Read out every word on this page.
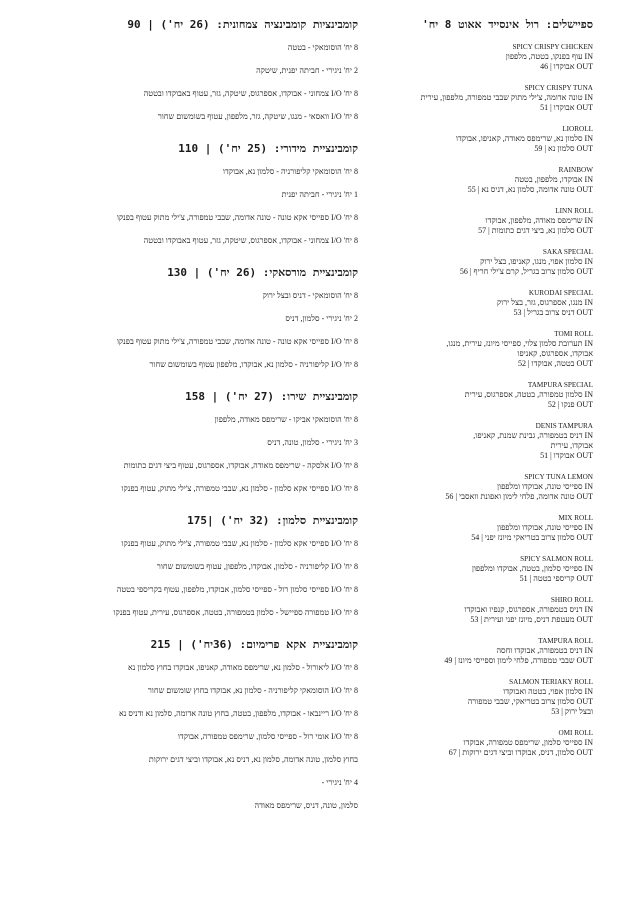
ספיישלים: רול אינסייד אאוט 8 יח'
SPICY CRISPY CHICKEN
IN עוף בפנקו, בטטה, מלפפון
OUT אבוקדו | 46
SPICY CRISPY TUNA
IN טונה אדומה, צ'ילי מתוק שבבי טמפורה, מלפפון, עירית
OUT אבוקדו | 51
LIOROLL
IN סלמון נא, שרימפס מאודה, קאניפו, אבוקדו
OUT סלמון נא | 59
RAINBOW
IN אבוקדו, מלפפון, בטטה
OUT טונה אדומה, סלמון נא, דניס נא | 55
LINN ROLL
IN שרימפס מאודה, מלפפון, אבוקדו
OUT סלמון נא, ביצי דגים כתומות | 57
SAKA SPECIAL
IN סלמון אפוי, מנגו, קאניפו, בצל ירוק
OUT סלמון צרוב בגריל, קרם צ'ילי חריף | 56
KURODAI SPECIAL
IN מנגו, אספרגוס, גזר, בצל ירוק
OUT דניס צרוב בגריל | 53
TOMI ROLL
IN תערובת סלמון צלוי, ספייסי מיונז, עירית, מנגו,
אבוקדו, אספרגוס, קאניפו
OUT בטטה, אבוקדו | 52
TAMPURA SPECIAL
IN סלמון טמפורה, בטטה, אספרגוס, עירית
OUT פנקו | 52
DENIS TAMPURA
IN דניס בטמפורה, גבינת שמנת, קאניפו,
אבוקדו, עירית
OUT אבוקדו | 51
SPICY TUNA LEMON
IN ספייסי טונה, אבוקדו ומלפפון
OUT טונה אדומה, פלחי לימון ואפונת וואסבי | 56
MIX ROLL
IN ספייסי טונה, אבוקדו ומלפפון
OUT סלמון צרוב בטריאקי מיונז יפני | 54
SPICY SALMON ROLL
IN ספייסי סלמון, בטטה, אבוקדו ומלפפון
OUT קריספי בטטה | 51
SHIRO ROLL
IN דניס בטמפורה, אספרגוס, קנפיו ואבוקדו
OUT מעטפת דניס, מיונז יפני ועירית | 53
TAMPURA ROLL
IN דניס בטמפורה, אבוקדו וחסה
OUT שבבי טמפורה, פלחי לימון וספייסי מיונז | 49
SALMON TERIAKY ROLL
IN סלמון אפוי, בטטה ואבוקדו
OUT סלמון צרוב בטריאקי, שבבי טמפורה
ובצל ירוק | 53
OMI ROLL
IN ספייסי סלמון, שרימפס טמפורה, אבוקדו
OUT סלמון, דניס, אבוקדו וביצי דגים ירוקות | 67
קומבינציות קומבינציה צמחונית: (26 יח') | 90
8 יח' הוסומאקי - בטטה
2 יח' ניגירי - חביתה יפנית, שיטקה
8 יח' I/O צמחוני - אבוקדו, אספרגוס, שיטקה, גזר, עטוף באבוקדו ובטטה
8 יח' I/O וואסאי - מנגו, שיטקה, גזר, מלפפון, עטוף בשומשום שחור
קומבינציית מידורי: (25 יח') | 110
8 יח' הוסומאקי קליפורניה - סלמון נא, אבוקדו
1 יח' ניגירי - חביתה יפנית
8 יח' I/O ספייסי אקא טונה - טונה אדומה, שבבי טמפורה, צ'ילי מתוק עטוף בפנקו
8 יח' I/O צמחוני - אבוקדו, אספרגוס, שיטקה, גזר, עטוף באבוקדו ובטטה
קומבינציית מורסאקי: (26 יח') | 130
8 יח' הוסומאקי - דניס ובצל ירוק
2 יח' ניגירי - סלמון, דניס
8 יח' I/O ספייסי אקא טונה - טונה אדומה, שבבי טמפורה, צ'ילי מתוק עטוף בפנקו
8 יח' I/O קליפורניה - סלמון נא, אבוקדו, מלפפון עטוף בשומשום שחור
קומבינציית שירו: (27 יח') | 158
8 יח' הוסומאקי אביקו - שרימפס מאודה, מלפפון
3 יח' ניגירי - סלמון, טונה, דניס
8 יח' I/O אלסקה - שרימפס מאודה, אבוקדו, אספרגוס, עטוף ביצי דגים כתומות
8 יח' I/O ספייסי אקא סלמון - סלמון נא, שבבי טמפורה, צ'ילי מתוק, עטוף בפנקו
קומבינציית סלמון: (32 יח') |175
8 יח' I/O ספייסי אקא סלמון - סלמון נא, שבבי טמפורה, צ'ילי מתוק, עטוף בפנקו
8 יח' I/O קליפורניה - סלמון, אבוקדו, מלפפון, עטוף בשומשום שחור
8 יח' I/O ספייסי סלמון רול - ספייסי סלמון, אבוקדו, מלפפון, עטוף בקריספי בטטה
8 יח' I/O טמפורה ספיישל - סלמון בטמפורה, בטטה, אספרגוס, עירית, עטוף בפנקו
קומבינציית אקא פרימיום: (36יח') | 215
8 יח' I/O ליאורול - סלמון נא, שרימפס מאודה, קאניפו, אבוקדו בחוץ סלמון נא
8 יח' I/O הוסומאקי קליפורניה - סלמון נא, אבוקדו בחוץ שומשום שחור
8 יח' I/O ריינבאו - אבוקדו, מלפפון, בטטה, בחוץ טונה אדומה, סלמון נא ודניס נא
8 יח' I/O אומי רול - ספייסי סלמון, שרימפס טמפורה, אבוקדו
בחוץ סלמון, טונה אדומה, סלמון נא, דניס נא, אבוקדו וביצי דגים ירוקות
4 יח' ניגירי -
סלמון, טונה, דניס, שרימפס מאודה
